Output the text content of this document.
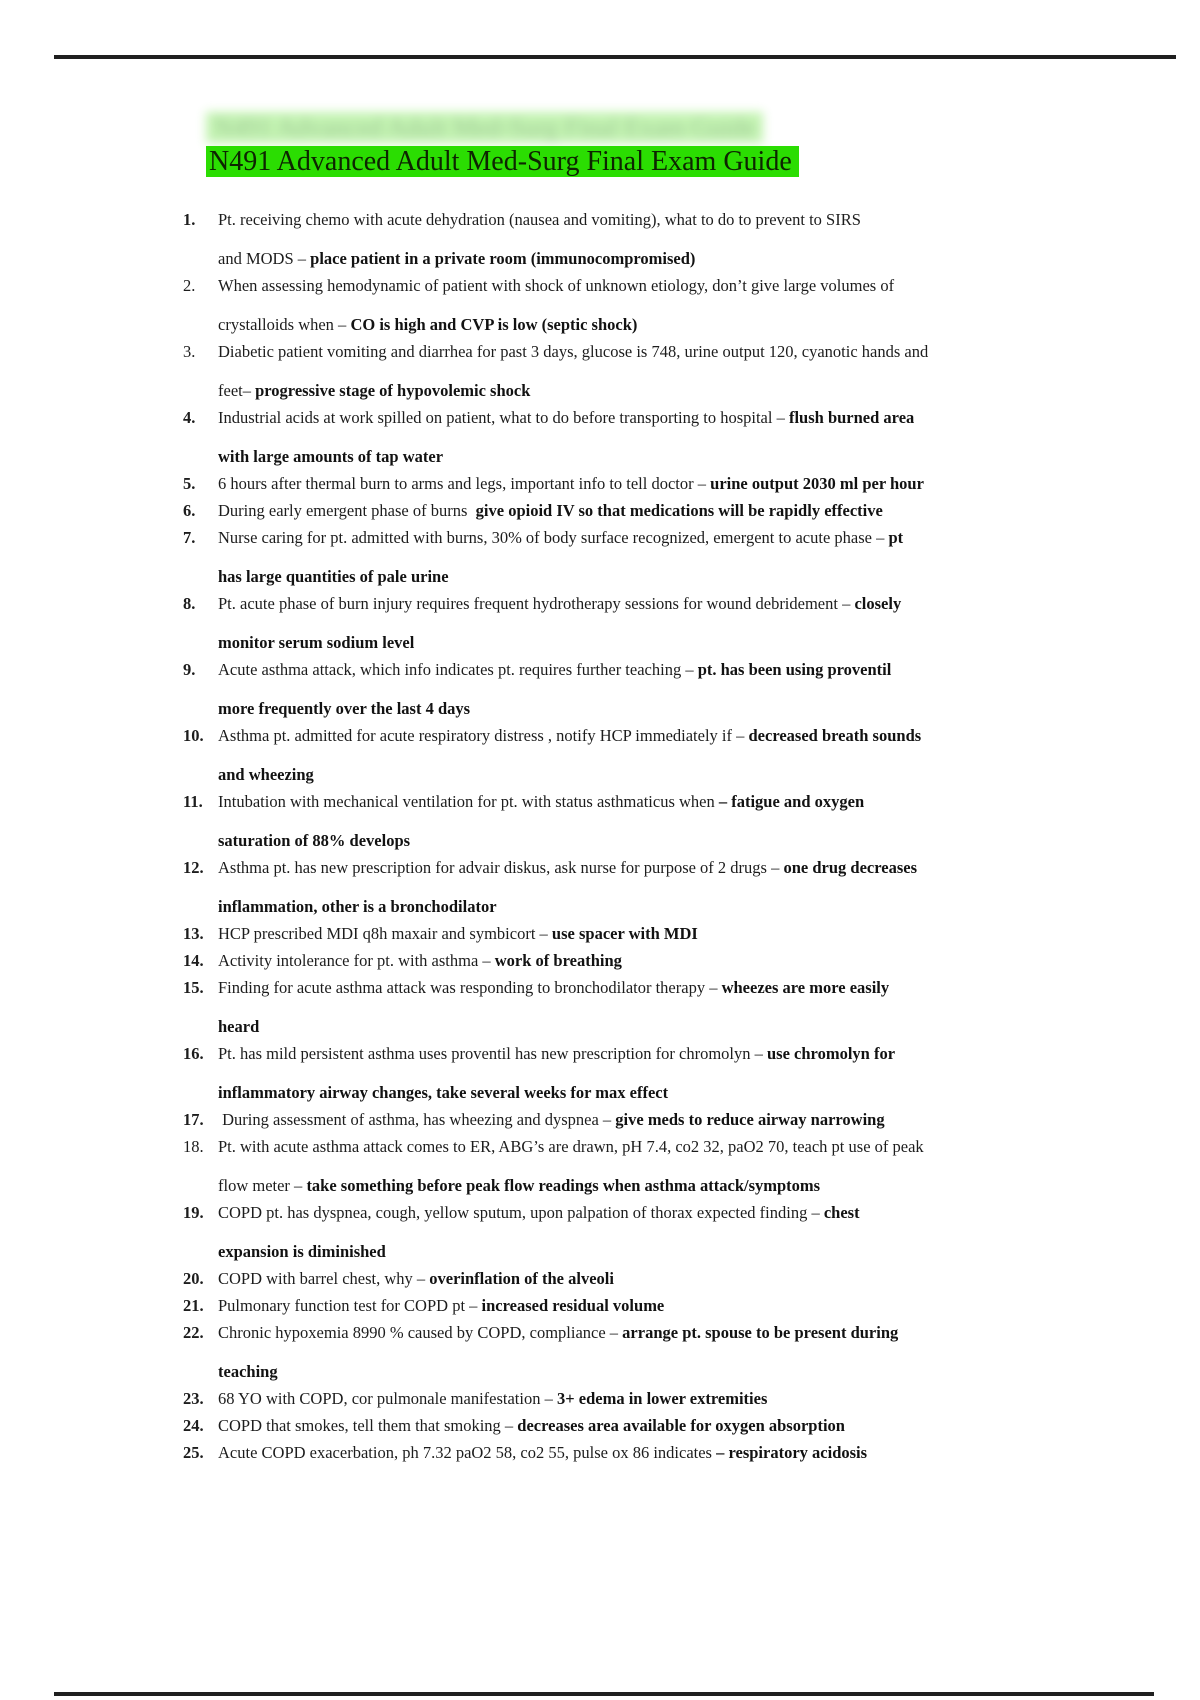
N491 Advanced Adult Med-Surg Final Exam Guide
N491 Advanced Adult Med-Surg Final Exam Guide
1. Pt. receiving chemo with acute dehydration (nausea and vomiting), what to do to prevent to SIRS
and MODS – place patient in a private room (immunocompromised)
2. When assessing hemodynamic of patient with shock of unknown etiology, don’t give large volumes of
crystalloids when – CO is high and CVP is low (septic shock)
3. Diabetic patient vomiting and diarrhea for past 3 days, glucose is 748, urine output 120, cyanotic hands and
feet– progressive stage of hypovolemic shock
4. Industrial acids at work spilled on patient, what to do before transporting to hospital – flush burned area
with large amounts of tap water
5. 6 hours after thermal burn to arms and legs, important info to tell doctor – urine output 2030 ml per hour
6. During early emergent phase of burns  give opioid IV so that medications will be rapidly effective
7. Nurse caring for pt. admitted with burns, 30% of body surface recognized, emergent to acute phase – pt
has large quantities of pale urine
8. Pt. acute phase of burn injury requires frequent hydrotherapy sessions for wound debridement – closely
monitor serum sodium level
9. Acute asthma attack, which info indicates pt. requires further teaching – pt. has been using proventil
more frequently over the last 4 days
10. Asthma pt. admitted for acute respiratory distress , notify HCP immediately if – decreased breath sounds
and wheezing
11. Intubation with mechanical ventilation for pt. with status asthmaticus when – fatigue and oxygen
saturation of 88% develops
12. Asthma pt. has new prescription for advair diskus, ask nurse for purpose of 2 drugs – one drug decreases
inflammation, other is a bronchodilator
13. HCP prescribed MDI q8h maxair and symbicort – use spacer with MDI
14. Activity intolerance for pt. with asthma – work of breathing
15. Finding for acute asthma attack was responding to bronchodilator therapy – wheezes are more easily
heard
16. Pt. has mild persistent asthma uses proventil has new prescription for chromolyn – use chromolyn for
inflammatory airway changes, take several weeks for max effect
17. During assessment of asthma, has wheezing and dyspnea – give meds to reduce airway narrowing
18. Pt. with acute asthma attack comes to ER, ABG’s are drawn, pH 7.4, co2 32, paO2 70, teach pt use of peak
flow meter – take something before peak flow readings when asthma attack/symptoms
19. COPD pt. has dyspnea, cough, yellow sputum, upon palpation of thorax expected finding – chest
expansion is diminished
20. COPD with barrel chest, why – overinflation of the alveoli
21. Pulmonary function test for COPD pt – increased residual volume
22. Chronic hypoxemia 8990 % caused by COPD, compliance – arrange pt. spouse to be present during
teaching
23. 68 YO with COPD, cor pulmonale manifestation – 3+ edema in lower extremities
24. COPD that smokes, tell them that smoking – decreases area available for oxygen absorption
25. Acute COPD exacerbation, ph 7.32 paO2 58, co2 55, pulse ox 86 indicates – respiratory acidosis
